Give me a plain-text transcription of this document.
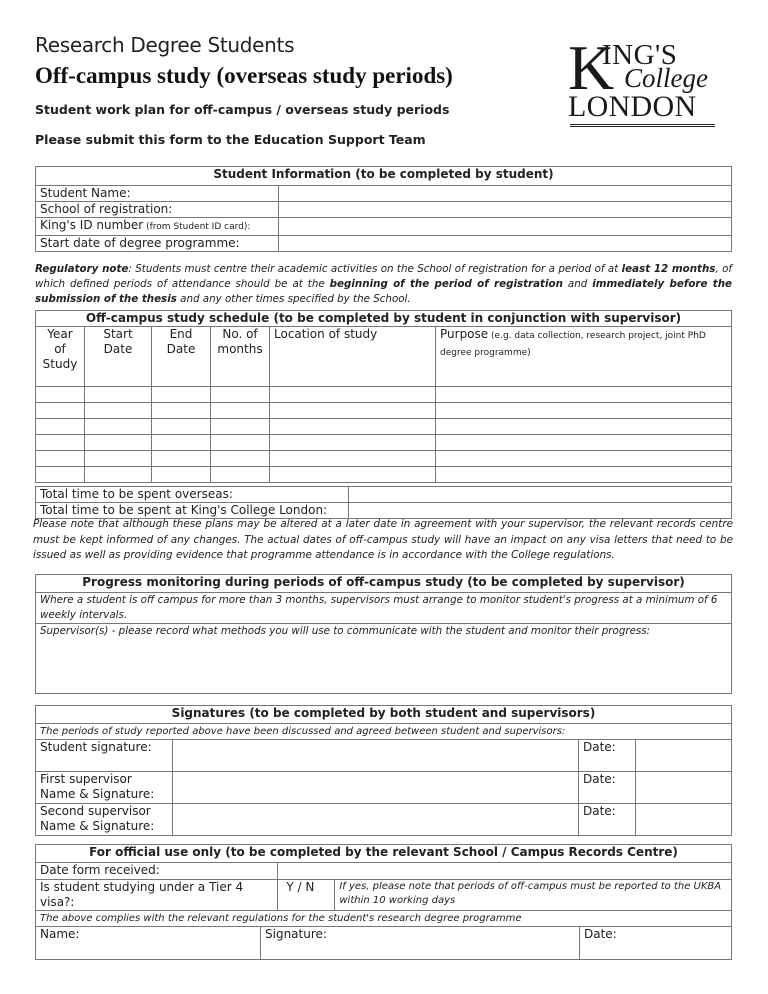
Research Degree Students
Off-campus study (overseas study periods)
Student work plan for off-campus / overseas study periods
Please submit this form to the Education Support Team
K
ING'S
College
LONDON
Student Information (to be completed by student)	
Student Name:	
School of registration:	
King's ID number (from Student ID card):	
Start date of degree programme:	
Regulatory note: Students must centre their academic activities on the School of registration for a period of at least 12 months, of which defined periods of attendance should be at the beginning of the period of registration and immediately before the submission of the thesis and any other times specified by the School.
Off-campus study schedule (to be completed by student in conjunction with supervisor)					
Year of Study	Start Date	End Date	No. of months	Location of study	Purpose (e.g. data collection, research project, joint PhD degree programme)

Total time to be spent overseas:	
Total time to be spent at King's College London:	
Please note that although these plans may be altered at a later date in agreement with your supervisor, the relevant records centre must be kept informed of any changes. The actual dates of off-campus study will have an impact on any visa letters that need to be issued as well as providing evidence that programme attendance is in accordance with the College regulations.
Progress monitoring during periods of off-campus study (to be completed by supervisor)
Where a student is off campus for more than 3 months, supervisors must arrange to monitor student's progress at a minimum of 6 weekly intervals.
Supervisor(s) - please record what methods you will use to communicate with the student and monitor their progress:
Signatures (to be completed by both student and supervisors)			
The periods of study reported above have been discussed and agreed between student and supervisors:			
Student signature:		Date:	
First supervisor Name & Signature:		Date:	
Second supervisor Name & Signature:		Date:	
For official use only (to be completed by the relevant School / Campus Records Centre)				
Date form received:				
Is student studying under a Tier 4 visa?:		Y / N	If yes, please note that periods of off-campus must be reported to the UKBA within 10 working days	
The above complies with the relevant regulations for the student's research degree programme				
Name:	Signature:			Date:
